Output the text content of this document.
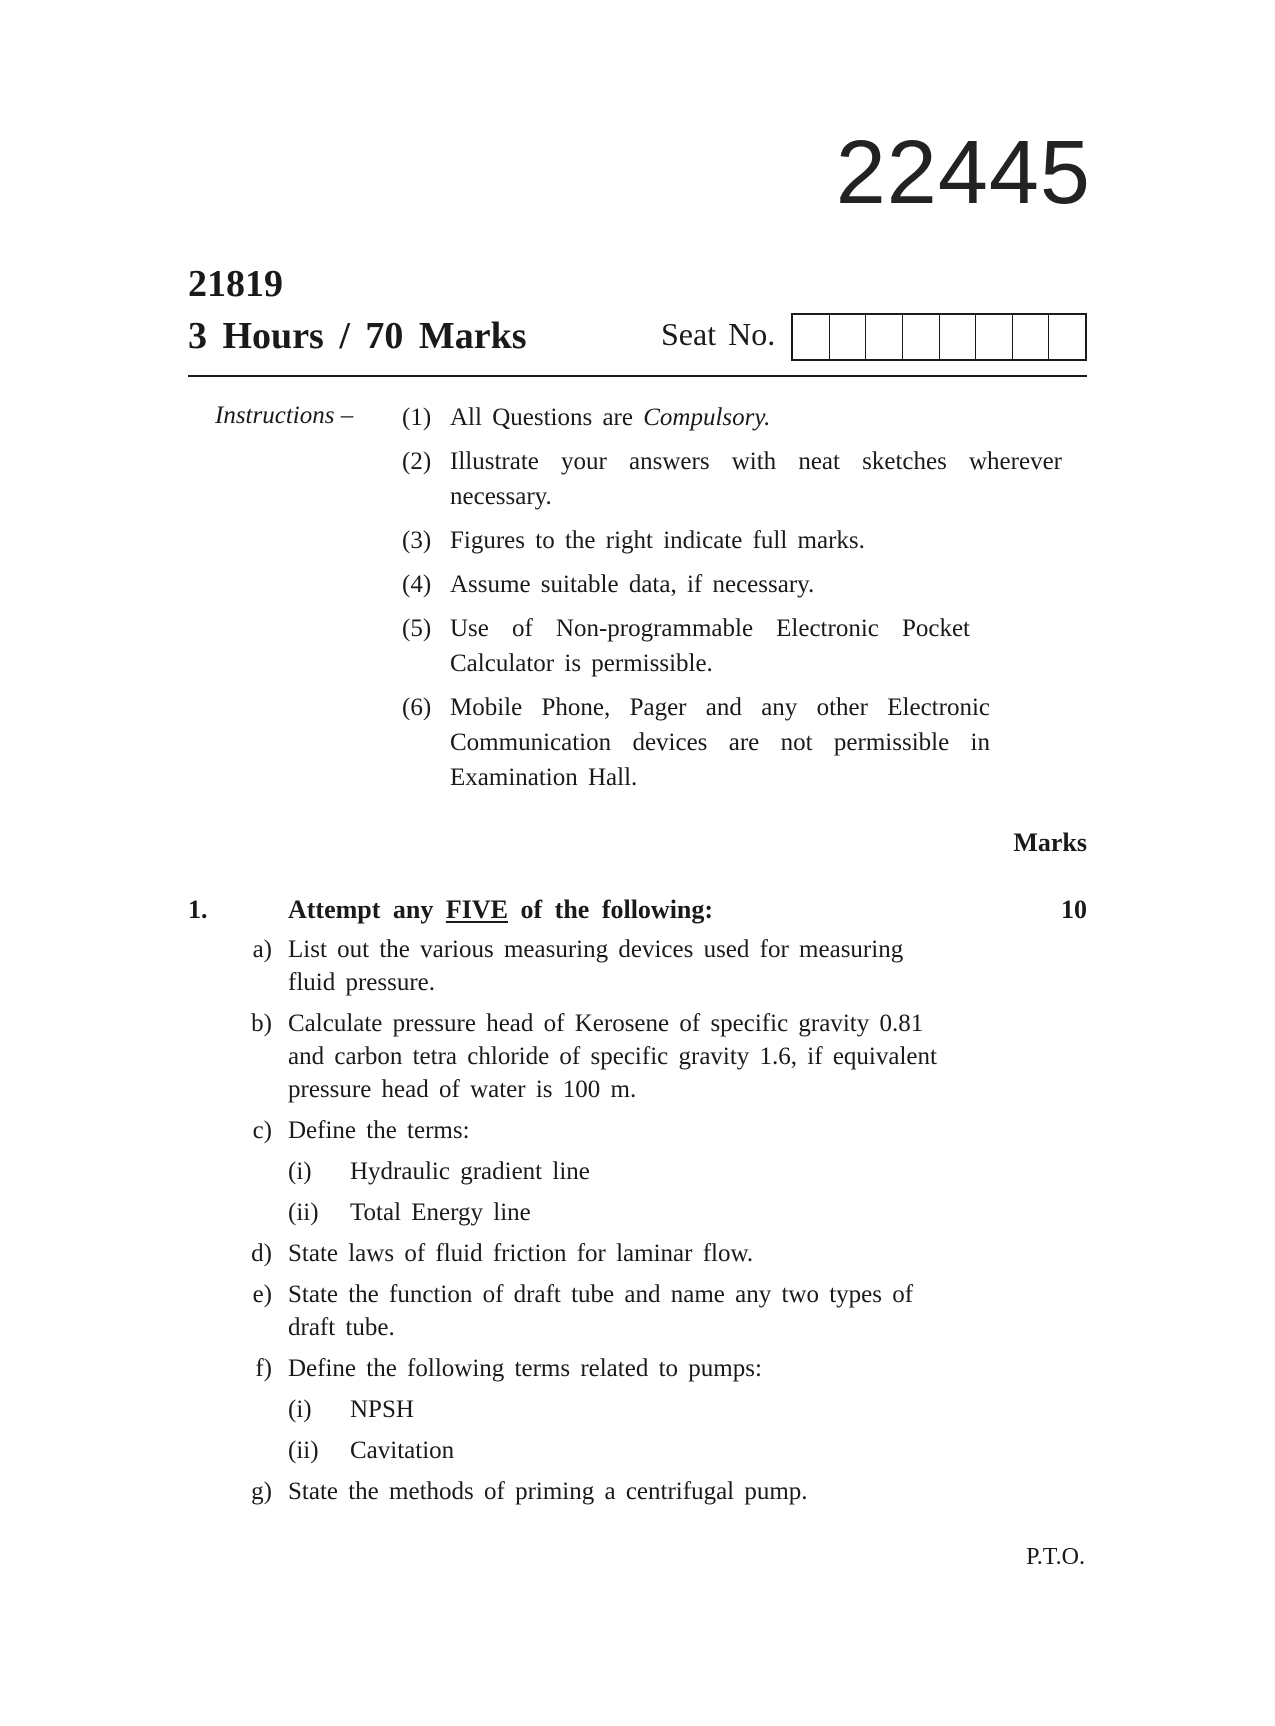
22445
21819
3 Hours / 70 Marks	Seat No.
Instructions – (1) All Questions are Compulsory.
(2) Illustrate your answers with neat sketches wherever necessary.
(3) Figures to the right indicate full marks.
(4) Assume suitable data, if necessary.
(5) Use of Non-programmable Electronic Pocket Calculator is permissible.
(6) Mobile Phone, Pager and any other Electronic Communication devices are not permissible in Examination Hall.
Marks
1.	Attempt any FIVE of the following:	10
a) List out the various measuring devices used for measuring fluid pressure.
b) Calculate pressure head of Kerosene of specific gravity 0.81 and carbon tetra chloride of specific gravity 1.6, if equivalent pressure head of water is 100 m.
c) Define the terms:
(i)	Hydraulic gradient line
(ii)	Total Energy line
d) State laws of fluid friction for laminar flow.
e) State the function of draft tube and name any two types of draft tube.
f) Define the following terms related to pumps:
(i)	NPSH
(ii)	Cavitation
g) State the methods of priming a centrifugal pump.
P.T.O.
